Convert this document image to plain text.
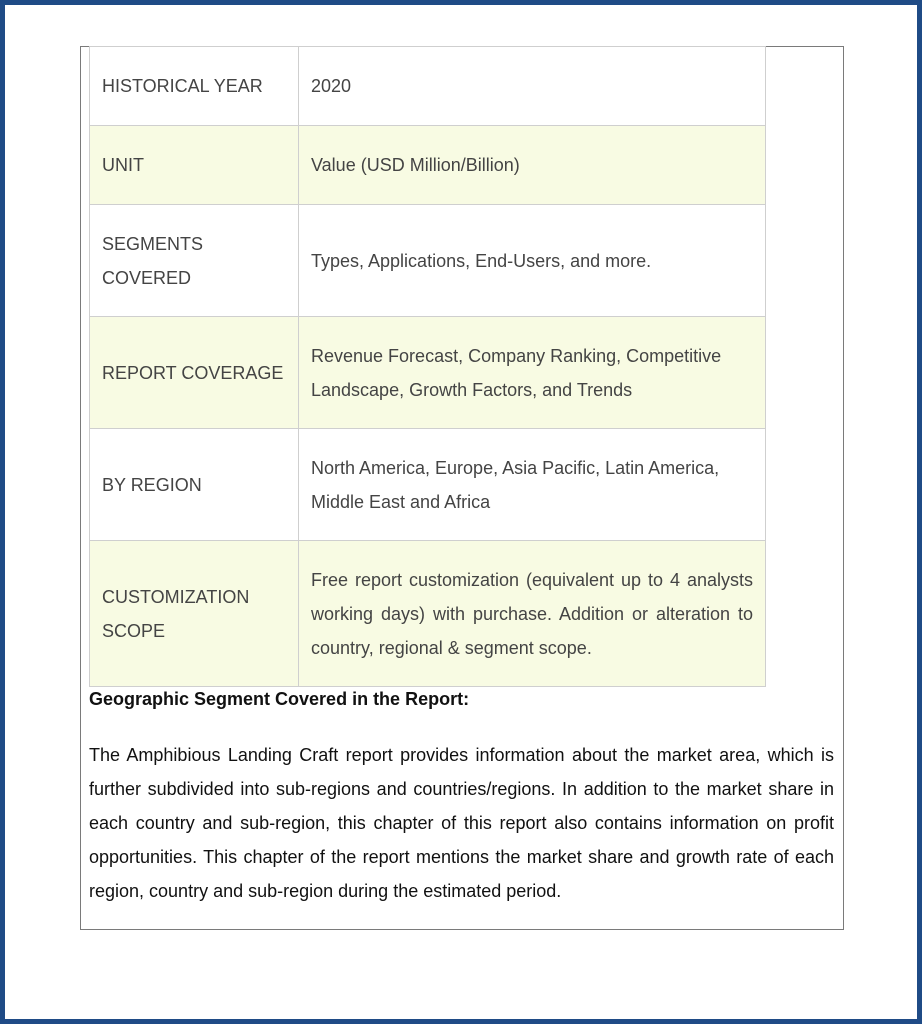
HISTORICAL YEAR	2020
UNIT	Value (USD Million/Billion)
SEGMENTS COVERED	Types, Applications, End-Users, and more.
REPORT COVERAGE	Revenue Forecast, Company Ranking, Competitive Landscape, Growth Factors, and Trends
BY REGION	North America, Europe, Asia Pacific, Latin America, Middle East and Africa
CUSTOMIZATION SCOPE	Free report customization (equivalent up to 4 analysts working days) with purchase. Addition or alteration to country, regional & segment scope.
Geographic Segment Covered in the Report:

The Amphibious Landing Craft report provides information about the market area, which is further subdivided into sub-regions and countries/regions. In addition to the market share in each country and sub-region, this chapter of this report also contains information on profit opportunities. This chapter of the report mentions the market share and growth rate of each region, country and sub-region during the estimated period.
